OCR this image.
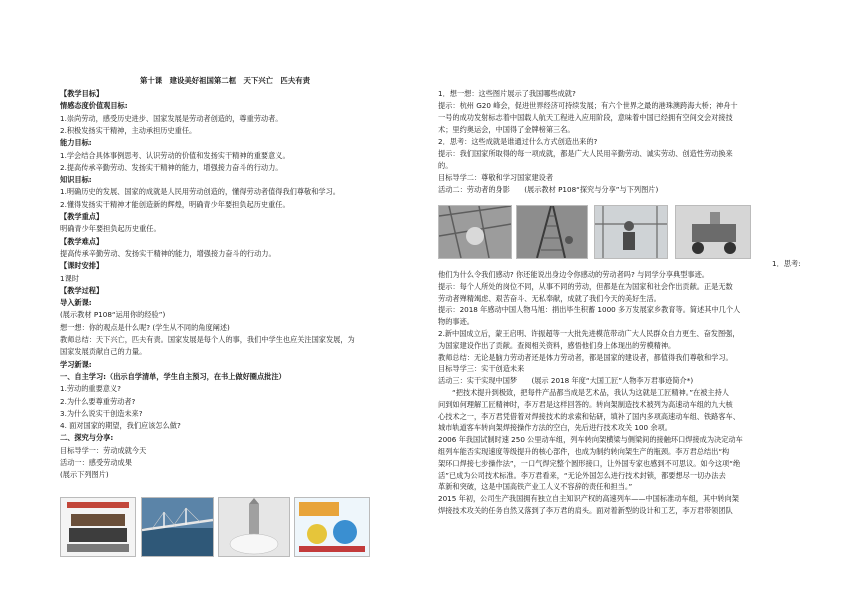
第十课　建设美好祖国第二框　天下兴亡　匹夫有责
【教学目标】
情感态度价值观目标:
1.崇尚劳动，感受历史进步、国家发展是劳动者创造的，尊重劳动者。
2.积极发扬实干精神，主动承担历史重任。
能力目标:
1.学会结合具体事例思考、认识劳动的价值和发扬实干精神的重要意义。
2.提高传承辛勤劳动、发扬实干精神的能力，增强接力奋斗的行动力。
知识目标:
1.明确历史的发展、国家的成就是人民用劳动创造的，懂得劳动者值得我们尊敬和学习。
2.懂得发扬实干精神才能创造新的辉煌，明确青少年要担负起历史重任。
【教学重点】
明确青少年要担负起历史重任。
【教学难点】
提高传承辛勤劳动、发扬实干精神的能力，增强接力奋斗的行动力。
【课时安排】
1课时
【教学过程】
导入新课:
(展示教材 P108“运用你的经验”)
想一想：你的观点是什么呢? (学生从不同的角度阐述)
教师总结：天下兴亡，匹夫有责。国家发展是每个人的事，我们中学生也应关注国家发展，为
国家发展贡献自己的力量。
学习新课:
一、自主学习:（出示自学清单，学生自主预习，在书上做好圈点批注）
1.劳动的重要意义?
2.为什么要尊重劳动者?
3.为什么说实干创造未来?
4. 面对国家的期望，我们应该怎么做?
二、探究与分享:
目标导学一：劳动成就今天
活动一：感受劳动成果
(展示下列图片)
1．想一想：这些图片展示了我国哪些成就?
提示：杭州 G20 峰会，促进世界经济可持续发展；有六个世界之最的港珠澳跨海大桥；神舟十
一号的成功发射标志着中国载人航天工程进入应用阶段，意味着中国已经拥有空间交会对接技
术；里约奥运会，中国得了金牌榜第三名。
2．思考：这些成就是谁通过什么方式创造出来的?
提示：我们国家所取得的每一项成就，都是广大人民用辛勤劳动、诚实劳动、创造性劳动换来
的。
目标导学二：尊敬和学习国家建设者
活动二：劳动者的身影　　(展示教材 P108“探究与分享”与下列图片)
1．思考:
他们为什么令我们感动? 你还能说出身边令你感动的劳动者吗? 与同学分享典型事迹。
提示：每个人所处的岗位不同，从事不同的劳动，但都是在为国家和社会作出贡献。正是无数
劳动者殚精竭虑、艰苦奋斗、无私奉献，成就了我们今天的美好生活。
提示：2018 年感动中国人物马旭：捐出毕生积蓄 1000 多万发展家乡教育等。简述其中几个人
物的事迹。
2.新中国成立后，蒙王启明、许振超等一大批先进模范带动广大人民群众自力更生、奋发图强，
为国家建设作出了贡献。查阅相关资料，感悟他们身上体现出的劳模精神。
教师总结：无论是脑力劳动者还是体力劳动者，都是国家的建设者，都值得我们尊敬和学习。
目标导学三：实干创造未来
活动三：实干实现中国梦　　(展示 2018 年度“大国工匠”人物李万君事迹简介*)
“把技术提升到极致，把每件产品都当成是艺术品，我认为这就是工匠精神。”在被主持人
问到如何理解工匠精神时，李万君是这样回答的。转向架制造技术被列为高速动车组的九大核
心技术之一，李万君凭借着对焊接技术的求索和钻研，填补了国内多项高速动车组、铁路客车、
城市轨道客车转向架焊接操作方法的空白，先后进行技术攻关 100 余项。
2006 年我国试制时速 250 公里动车组，列车转向架横梁与侧梁间的接触环口焊接成为决定动车
组列车能否实现速度等级提升的核心部件，也成为制约转向架生产的瓶颈。李万君总结出“构
架环口焊接七步操作法”，一口气焊完整个圆形接口，让外国专家也感到不可思议。如今这项“绝
活”已成为公司技术标准。李万君看来，“无论外国怎么进行技术封锁，都要想尽一切办法去
革新和突破，这是中国高铁产业工人义不容辞的责任和担当。”
2015 年初，公司生产我国拥有独立自主知识产权的高速列车——中国标准动车组，其中转向架
焊接技术攻关的任务自然又落到了李万君的肩头。面对着新型的设计和工艺，李万君带领团队
